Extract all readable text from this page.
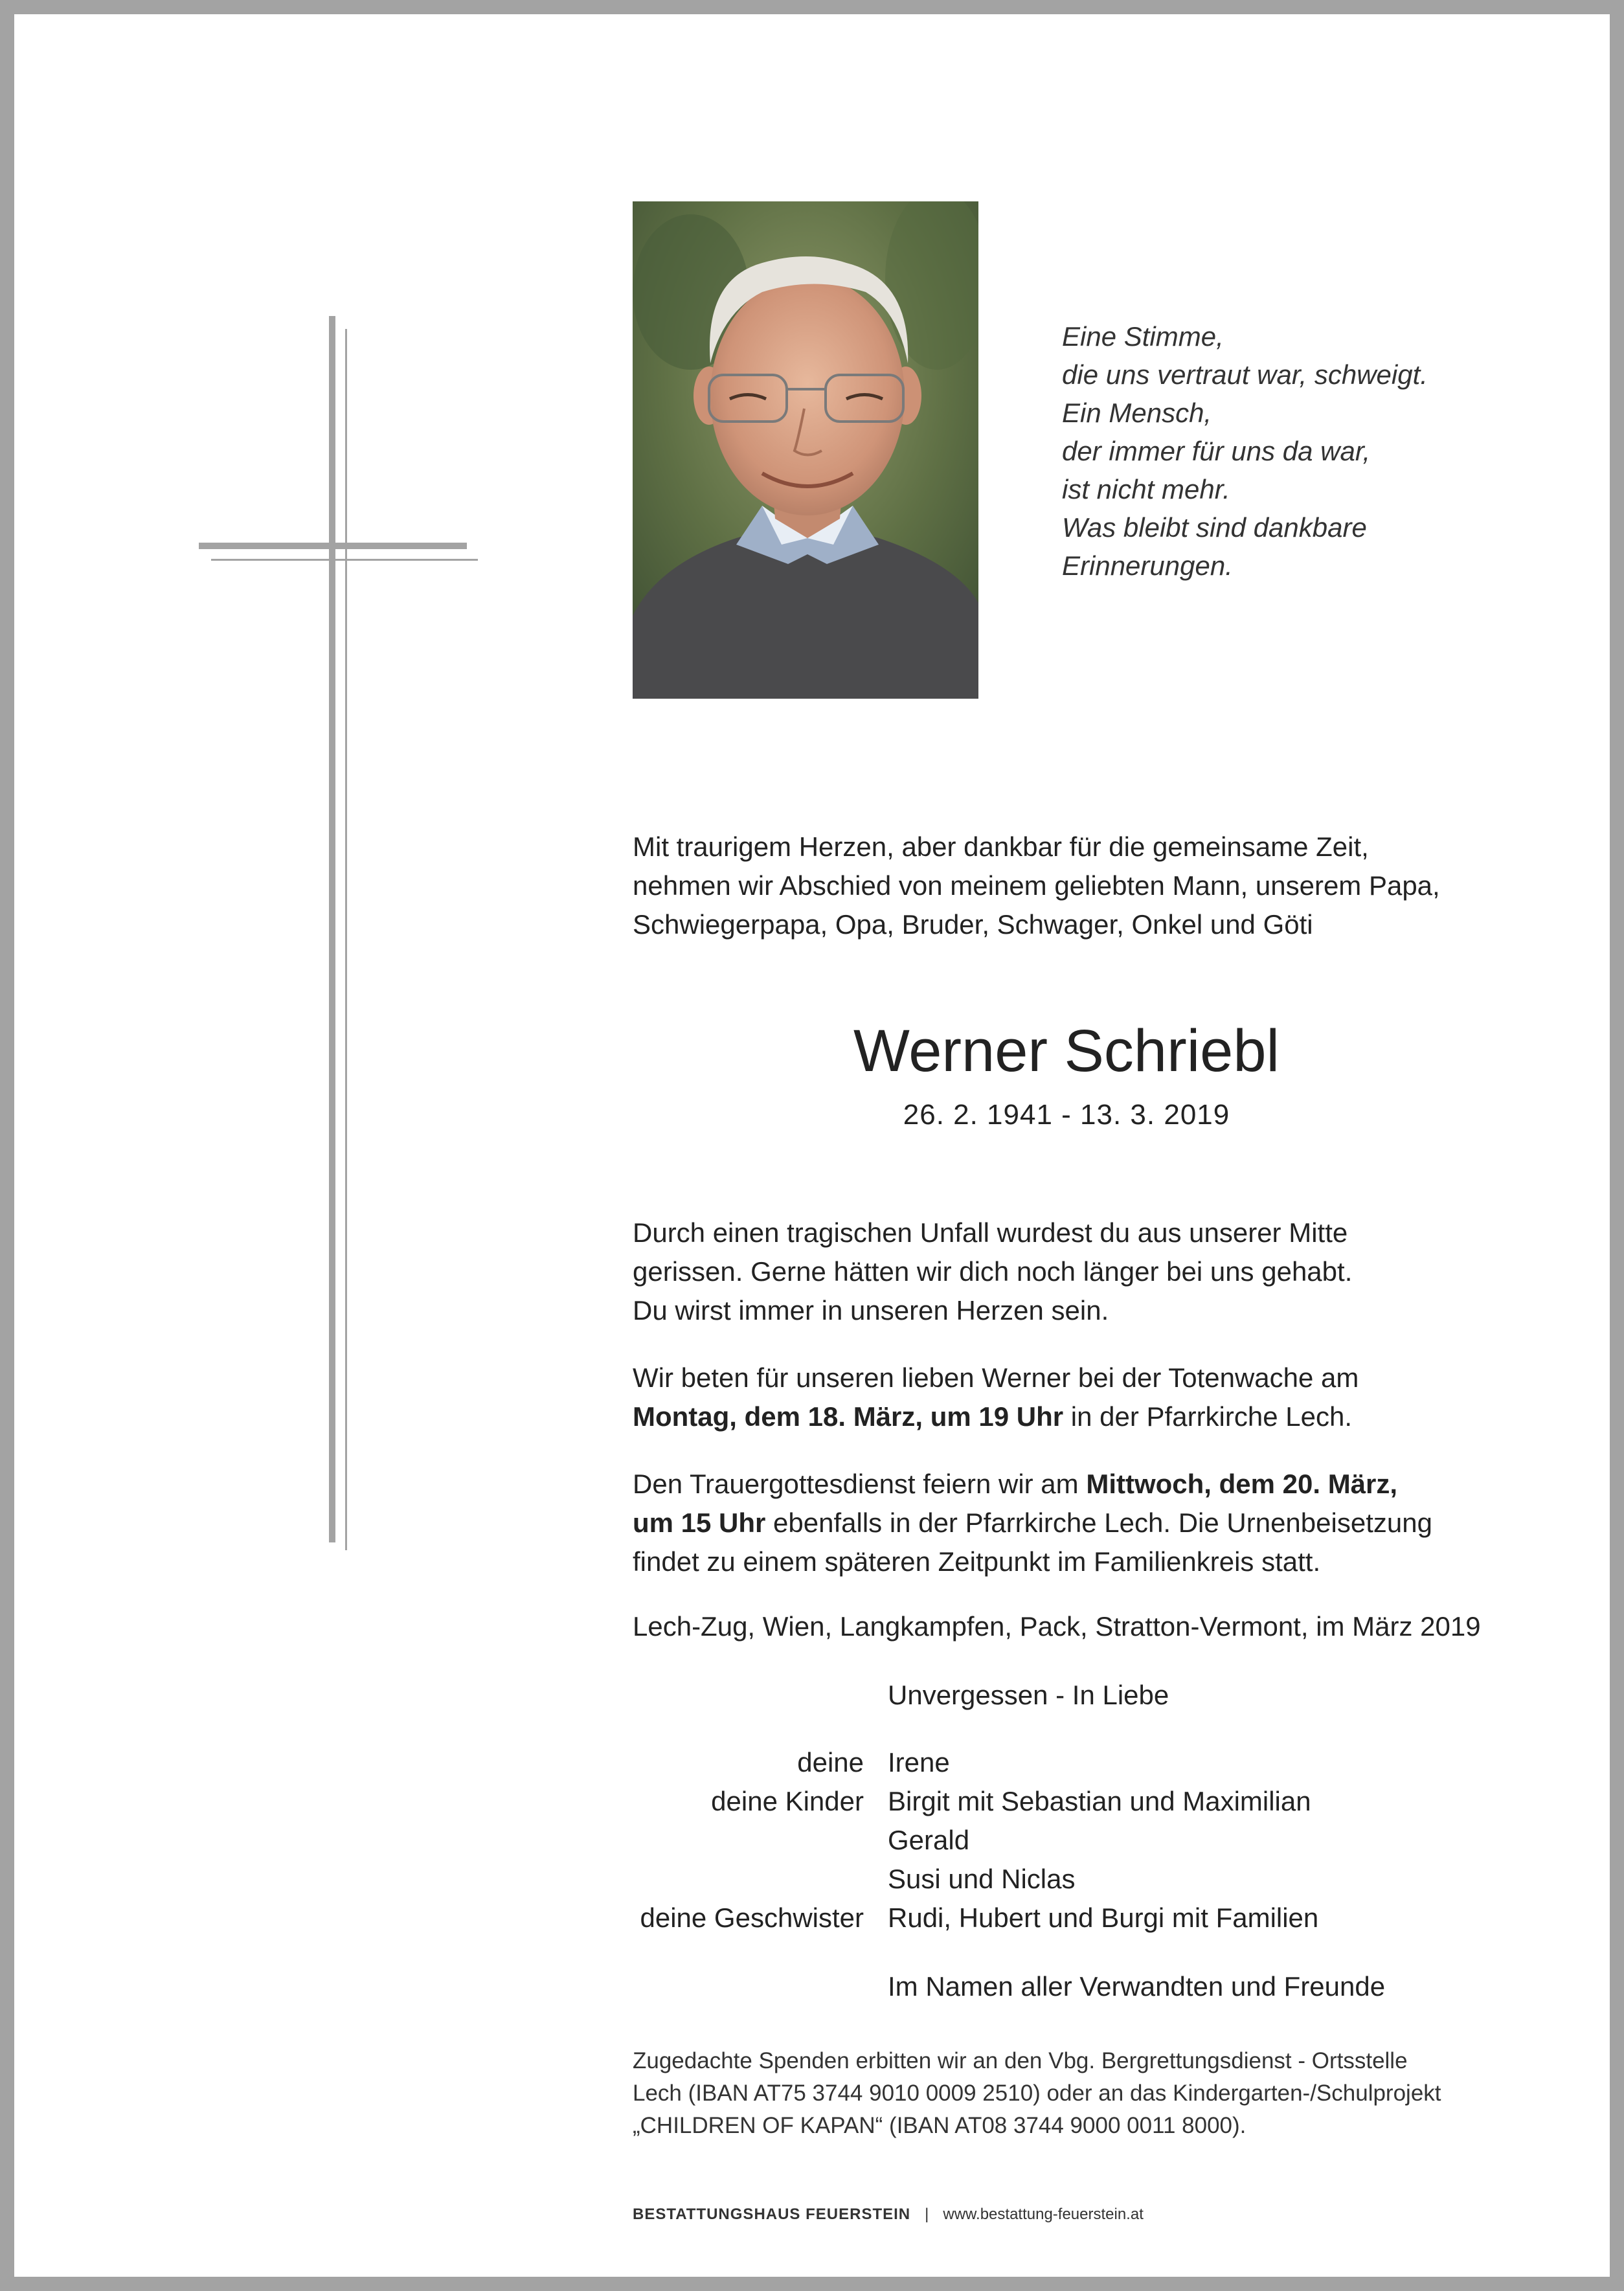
Eine Stimme,
die uns vertraut war, schweigt.
Ein Mensch,
der immer für uns da war,
ist nicht mehr.
Was bleibt sind dankbare
Erinnerungen.
Mit traurigem Herzen, aber dankbar für die gemeinsame Zeit,
nehmen wir Abschied von meinem geliebten Mann, unserem Papa,
Schwiegerpapa, Opa, Bruder, Schwager, Onkel und Göti
Werner Schriebl
26. 2. 1941 - 13. 3. 2019
Durch einen tragischen Unfall wurdest du aus unserer Mitte
gerissen. Gerne hätten wir dich noch länger bei uns gehabt.
Du wirst immer in unseren Herzen sein.
Wir beten für unseren lieben Werner bei der Totenwache am
Montag, dem 18. März, um 19 Uhr in der Pfarrkirche Lech.
Den Trauergottesdienst feiern wir am Mittwoch, dem 20. März,
um 15 Uhr ebenfalls in der Pfarrkirche Lech. Die Urnenbeisetzung
findet zu einem späteren Zeitpunkt im Familienkreis statt.
Lech-Zug, Wien, Langkampfen, Pack, Stratton-Vermont, im März 2019
Unvergessen - In Liebe
deine Irene
deine Kinder Birgit mit Sebastian und Maximilian
Gerald
Susi und Niclas
deine Geschwister Rudi, Hubert und Burgi mit Familien
Im Namen aller Verwandten und Freunde
Zugedachte Spenden erbitten wir an den Vbg. Bergrettungsdienst - Ortsstelle
Lech (IBAN AT75 3744 9010 0009 2510) oder an das Kindergarten-/Schulprojekt
„CHILDREN OF KAPAN“ (IBAN AT08 3744 9000 0011 8000).
BESTATTUNGSHAUS FEUERSTEIN | www.bestattung-feuerstein.at
